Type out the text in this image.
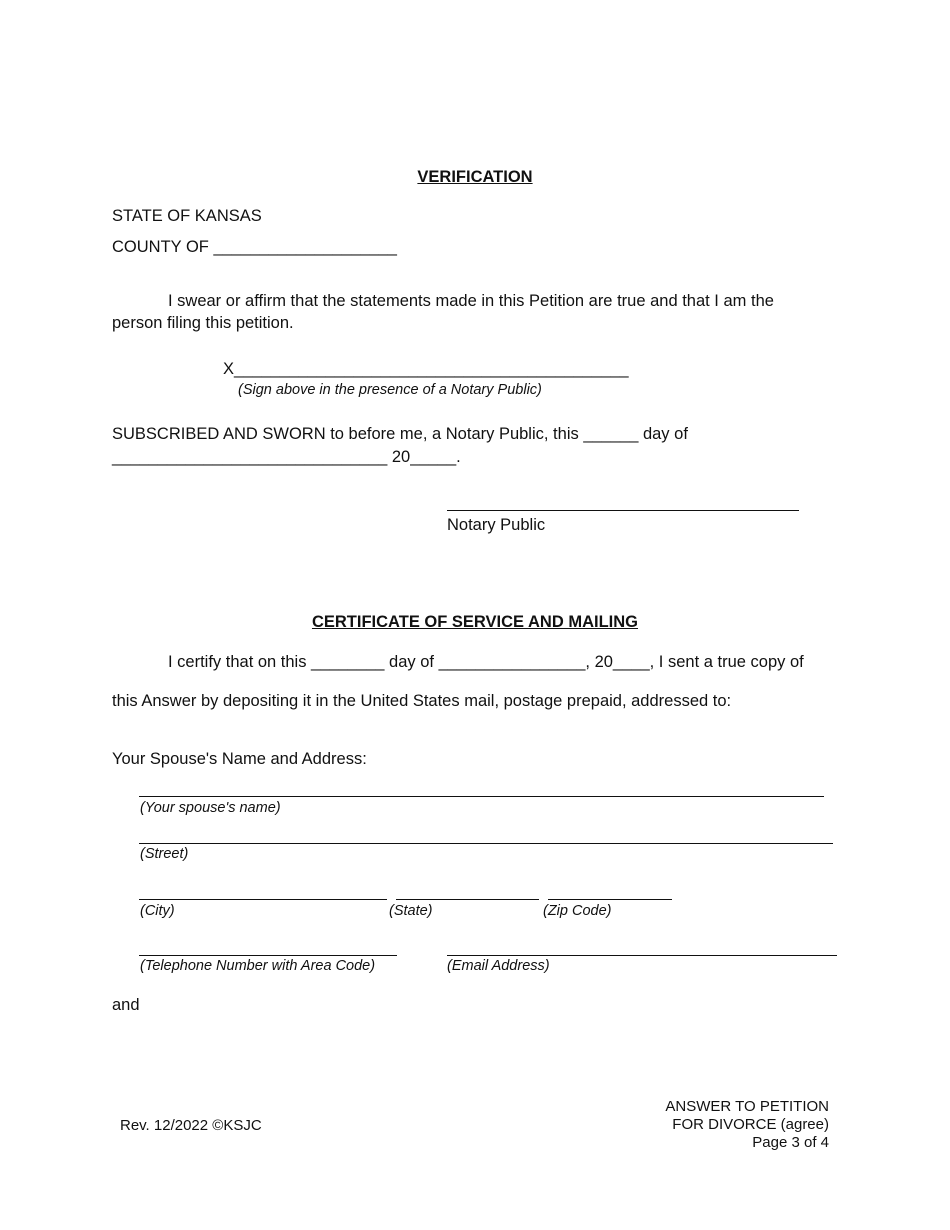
VERIFICATION
STATE OF KANSAS
COUNTY OF ____________________
I swear or affirm that the statements made in this Petition are true and that I am the
person filing this petition.
X___________________________________________
(Sign above in the presence of a Notary Public)
SUBSCRIBED AND SWORN to before me, a Notary Public, this ______ day of
______________________________ 20_____.
Notary Public
CERTIFICATE OF SERVICE AND MAILING
I certify that on this ________ day of ________________, 20____, I sent a true copy of
this Answer by depositing it in the United States mail, postage prepaid, addressed to:
Your Spouse's Name and Address:
(Your spouse's name)
(Street)
(City)	(State)	(Zip Code)
(Telephone Number with Area Code)	(Email Address)
and
Rev. 12/2022 ©KSJC
ANSWER TO PETITION
FOR DIVORCE (agree)
Page 3 of 4
